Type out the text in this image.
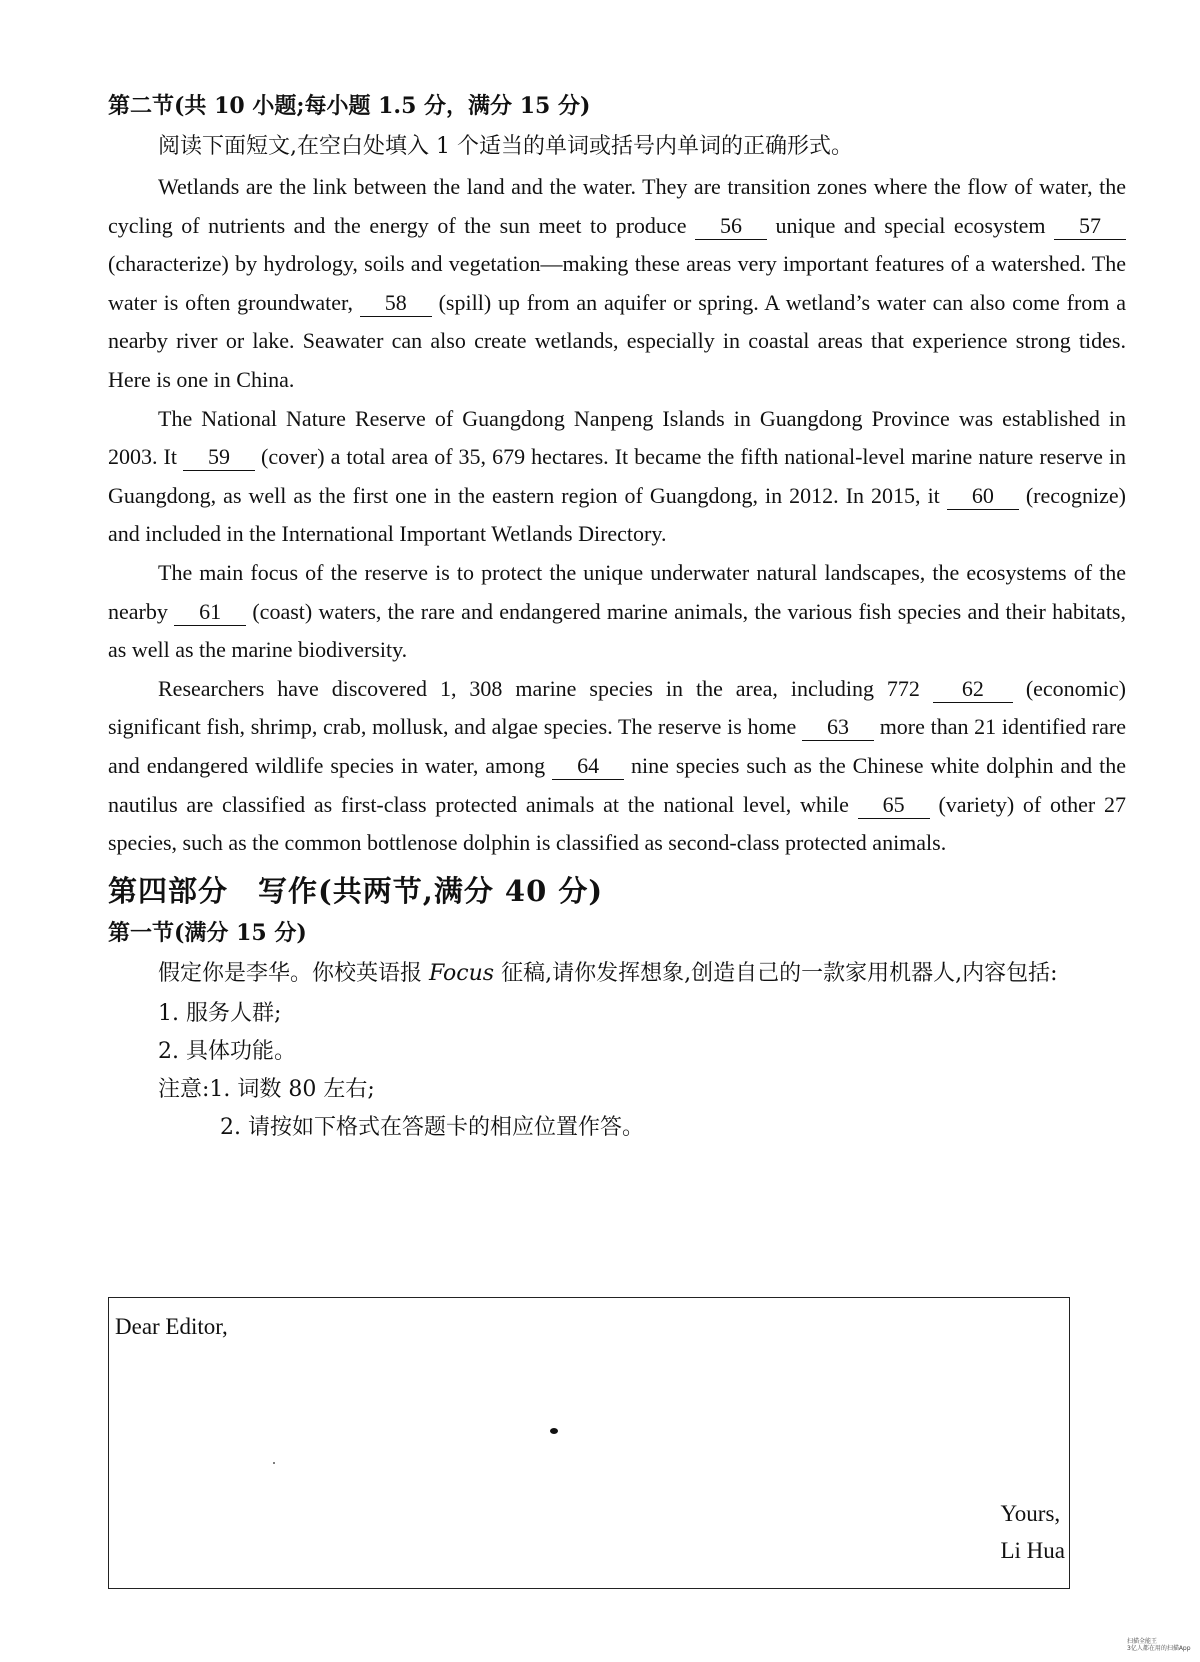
第二节(共 10 小题;每小题 1.5 分，满分 15 分)

阅读下面短文,在空白处填入 1 个适当的单词或括号内单词的正确形式。

Wetlands are the link between the land and the water. They are transition zones where the flow of water, the cycling of nutrients and the energy of the sun meet to produce 56 unique and special ecosystem 57 (characterize) by hydrology, soils and vegetation—making these areas very important features of a watershed. The water is often groundwater, 58 (spill) up from an aquifer or spring. A wetland’s water can also come from a nearby river or lake. Seawater can also create wetlands, especially in coastal areas that experience strong tides. Here is one in China.

The National Nature Reserve of Guangdong Nanpeng Islands in Guangdong Province was established in 2003. It 59 (cover) a total area of 35, 679 hectares. It became the fifth national-level marine nature reserve in Guangdong, as well as the first one in the eastern region of Guangdong, in 2012. In 2015, it 60 (recognize) and included in the International Important Wetlands Directory.

The main focus of the reserve is to protect the unique underwater natural landscapes, the ecosystems of the nearby 61 (coast) waters, the rare and endangered marine animals, the various fish species and their habitats, as well as the marine biodiversity.

Researchers have discovered 1, 308 marine species in the area, including 772 62 (economic) significant fish, shrimp, crab, mollusk, and algae species. The reserve is home 63 more than 21 identified rare and endangered wildlife species in water, among 64 nine species such as the Chinese white dolphin and the nautilus are classified as first-class protected animals at the national level, while 65 (variety) of other 27 species, such as the common bottlenose dolphin is classified as second-class protected animals.

第四部分　写作(共两节,满分 40 分)

第一节(满分 15 分)

假定你是李华。你校英语报 Focus 征稿,请你发挥想象,创造自己的一款家用机器人,内容包括:

1. 服务人群;

2. 具体功能。

注意:1. 词数 80 左右;

2. 请按如下格式在答题卡的相应位置作答。

Dear Editor,
Yours,
Li Hua
扫描全能王
3亿人都在用的扫描App
